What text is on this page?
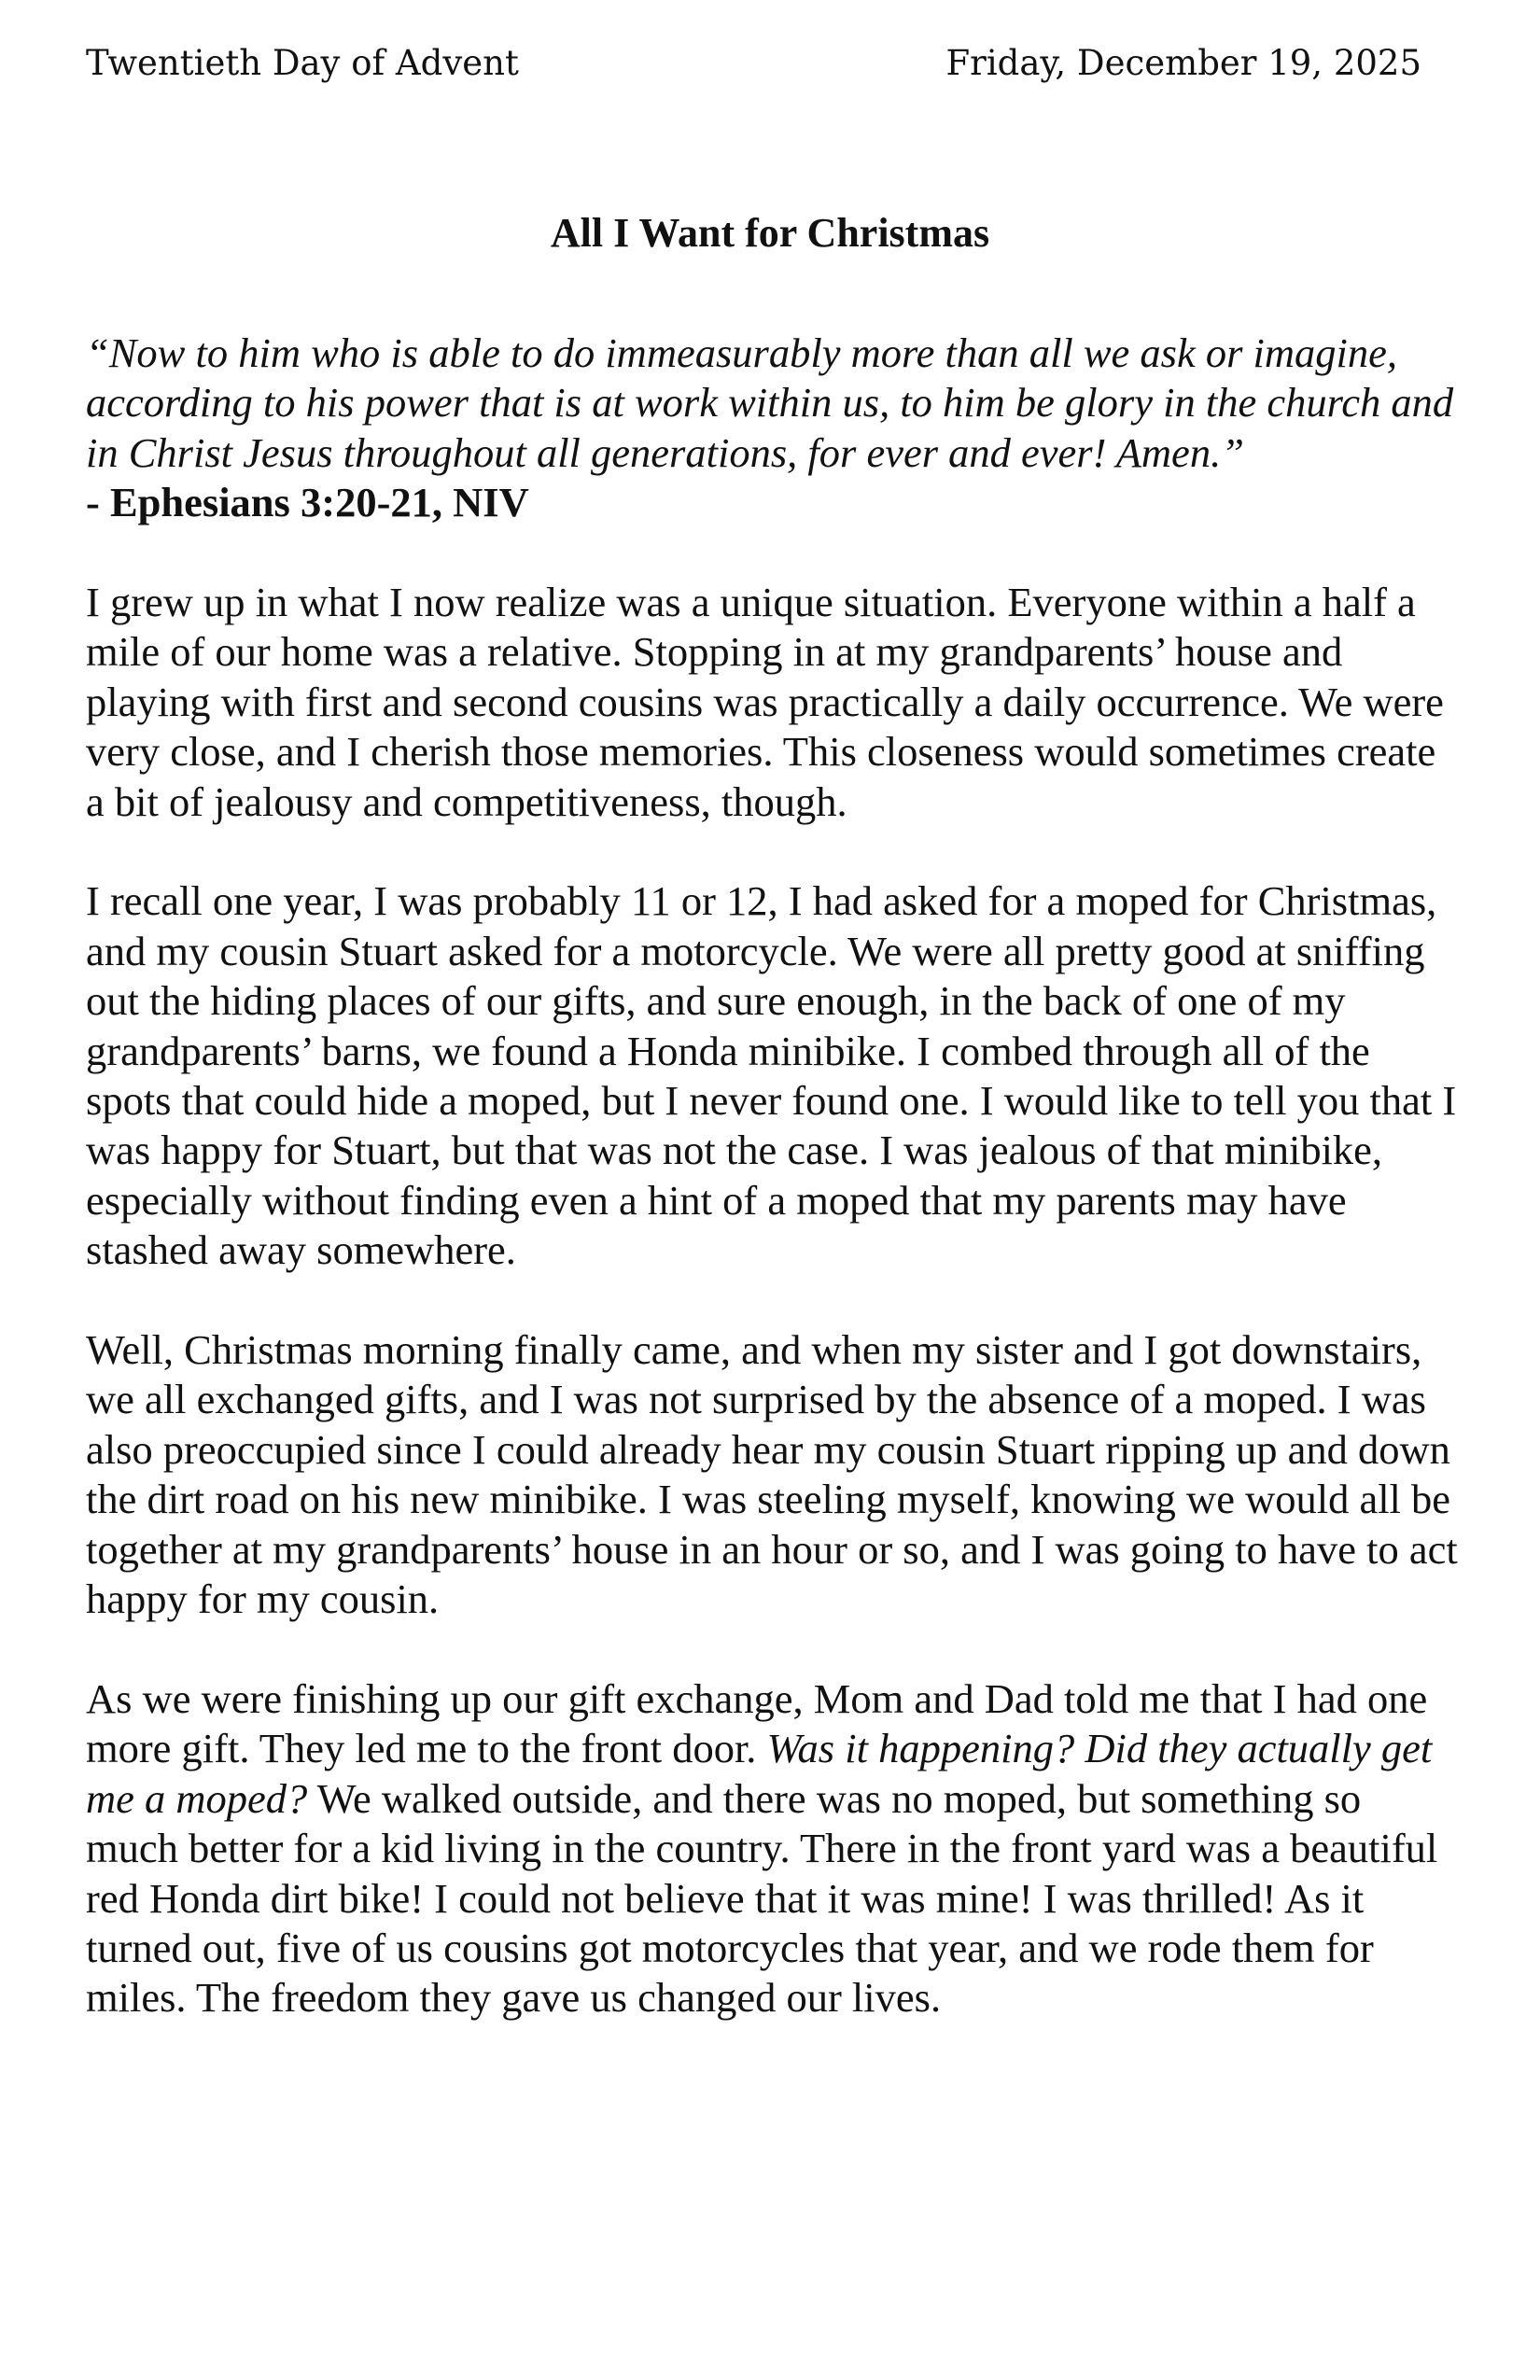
Twentieth Day of Advent	Friday, December 19, 2025
All I Want for Christmas

“Now to him who is able to do immeasurably more than all we ask or imagine, according to his power that is at work within us, to him be glory in the church and in Christ Jesus throughout all generations, for ever and ever! Amen.”

- Ephesians 3:20-21, NIV

I grew up in what I now realize was a unique situation. Everyone within a half a mile of our home was a relative. Stopping in at my grandparents’ house and playing with first and second cousins was practically a daily occurrence. We were very close, and I cherish those memories. This closeness would sometimes create a bit of jealousy and competitiveness, though.

I recall one year, I was probably 11 or 12, I had asked for a moped for Christmas, and my cousin Stuart asked for a motorcycle. We were all pretty good at sniffing out the hiding places of our gifts, and sure enough, in the back of one of my grandparents’ barns, we found a Honda minibike. I combed through all of the spots that could hide a moped, but I never found one. I would like to tell you that I was happy for Stuart, but that was not the case. I was jealous of that minibike, especially without finding even a hint of a moped that my parents may have stashed away somewhere.

Well, Christmas morning finally came, and when my sister and I got downstairs, we all exchanged gifts, and I was not surprised by the absence of a moped. I was also preoccupied since I could already hear my cousin Stuart ripping up and down the dirt road on his new minibike. I was steeling myself, knowing we would all be together at my grandparents’ house in an hour or so, and I was going to have to act happy for my cousin.

As we were finishing up our gift exchange, Mom and Dad told me that I had one more gift. They led me to the front door. Was it happening? Did they actually get me a moped? We walked outside, and there was no moped, but something so much better for a kid living in the country. There in the front yard was a beautiful red Honda dirt bike! I could not believe that it was mine! I was thrilled! As it turned out, five of us cousins got motorcycles that year, and we rode them for miles. The freedom they gave us changed our lives.
